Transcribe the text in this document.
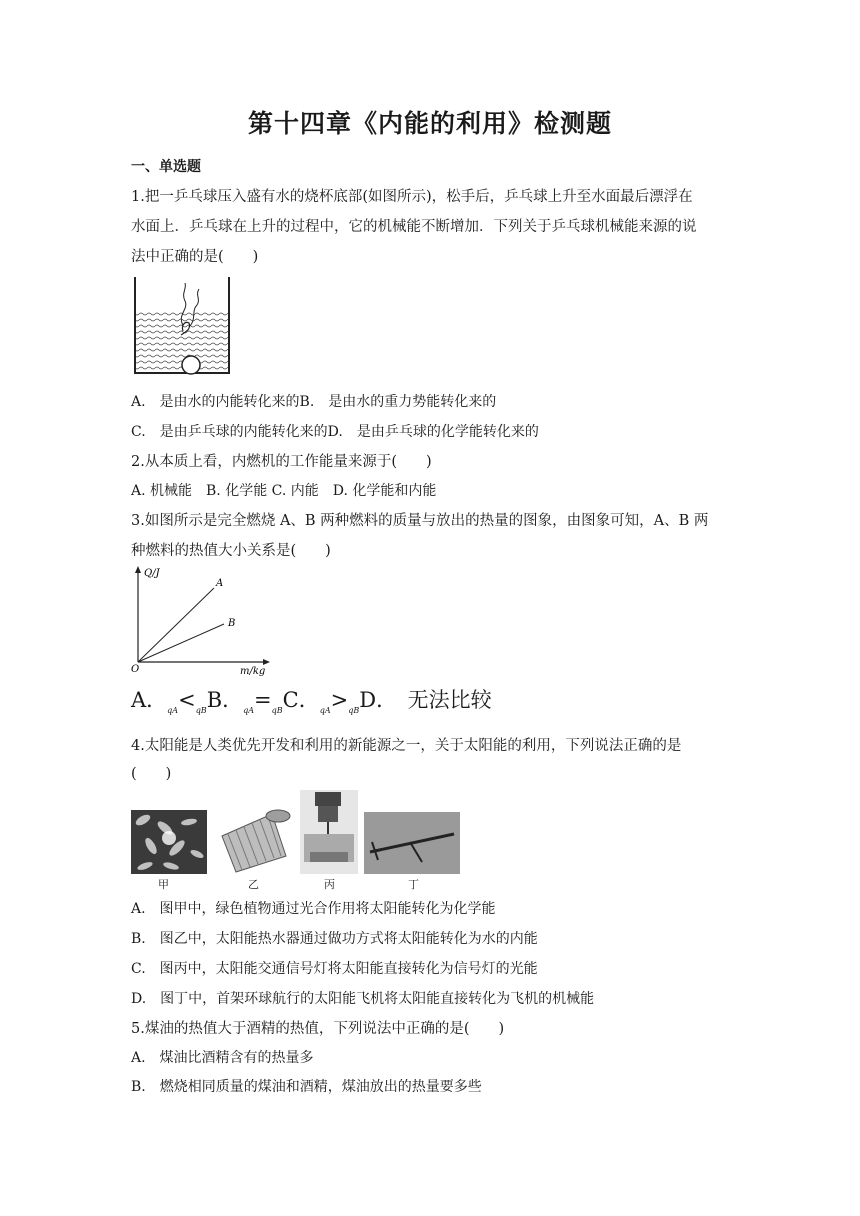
第十四章《内能的利用》检测题
一、单选题
1.把一乒乓球压入盛有水的烧杯底部(如图所示)，松手后，乒乓球上升至水面最后漂浮在
水面上．乒乓球在上升的过程中，它的机械能不断增加．下列关于乒乓球机械能来源的说
法中正确的是(　　)
A.　是由水的内能转化来的B.　是由水的重力势能转化来的
C.　是由乒乓球的内能转化来的D.　是由乒乓球的化学能转化来的
2.从本质上看，内燃机的工作能量来源于(　　)
A. 机械能　B. 化学能 C. 内能　D. 化学能和内能
3.如图所示是完全燃烧 A、B 两种燃料的质量与放出的热量的图象，由图象可知，A、B 两
种燃料的热值大小关系是(　　)
Q/J
m/kg
O
A
B
A．$_{qA}<_{qB}B$．$_{qA}=_{qB}C$．$_{qA}>_{qB}D$．　无法比较
4.太阳能是人类优先开发和利用的新能源之一，关于太阳能的利用，下列说法正确的是
(　　)
甲	乙	丙	丁
A.　图甲中，绿色植物通过光合作用将太阳能转化为化学能
B.　图乙中，太阳能热水器通过做功方式将太阳能转化为水的内能
C.　图丙中，太阳能交通信号灯将太阳能直接转化为信号灯的光能
D.　图丁中，首架环球航行的太阳能飞机将太阳能直接转化为飞机的机械能
5.煤油的热值大于酒精的热值，下列说法中正确的是(　　)
A.　煤油比酒精含有的热量多
B.　燃烧相同质量的煤油和酒精，煤油放出的热量要多些
